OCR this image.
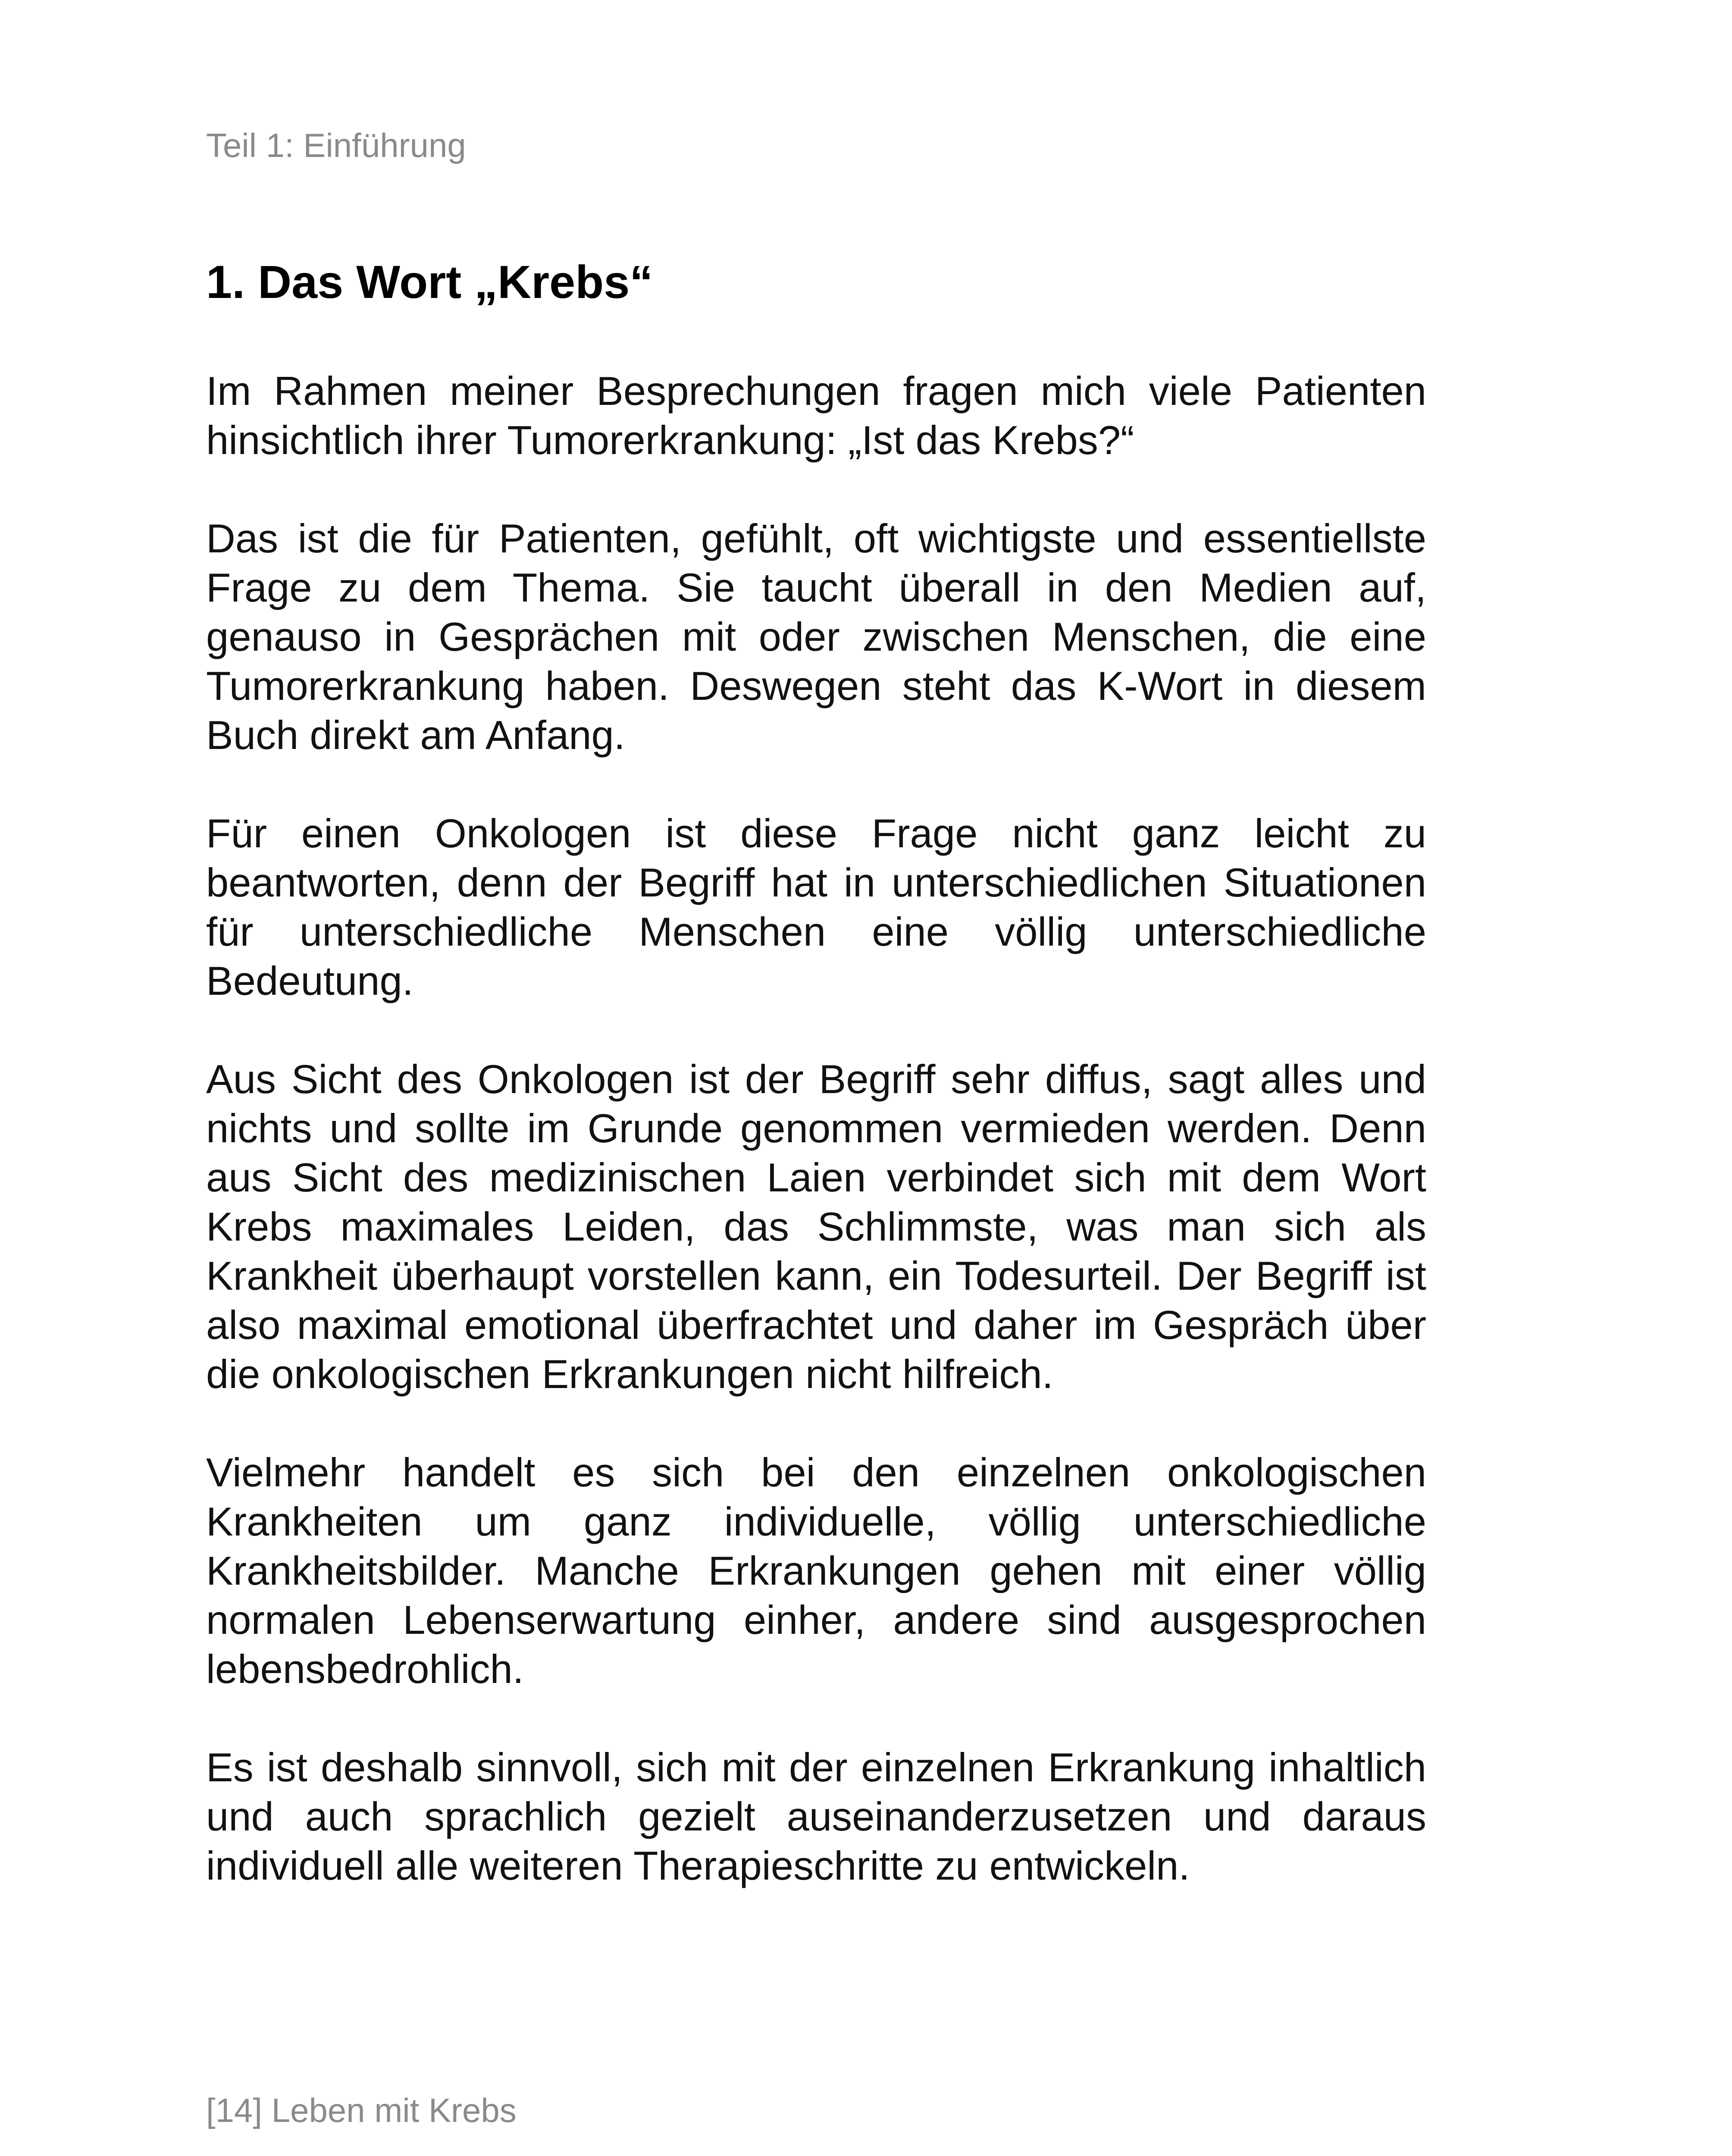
Teil 1: Einführung
1. Das Wort „Krebs“

Im Rahmen meiner Besprechungen fragen mich viele Patienten hinsichtlich ihrer Tumorerkrankung: „Ist das Krebs?“

Das ist die für Patienten, gefühlt, oft wichtigste und essentiellste Frage zu dem Thema. Sie taucht überall in den Medien auf, genauso in Gesprächen mit oder zwischen Menschen, die eine Tumorerkrankung haben. Deswegen steht das K-Wort in diesem Buch direkt am Anfang.

Für einen Onkologen ist diese Frage nicht ganz leicht zu beantworten, denn der Begriff hat in unterschiedlichen Situationen für unterschiedliche Menschen eine völlig unterschiedliche Bedeutung.

Aus Sicht des Onkologen ist der Begriff sehr diffus, sagt alles und nichts und sollte im Grunde genommen vermieden werden. Denn aus Sicht des medizinischen Laien verbindet sich mit dem Wort Krebs maximales Leiden, das Schlimmste, was man sich als Krankheit überhaupt vorstellen kann, ein Todesurteil. Der Begriff ist also maximal emotional überfrachtet und daher im Gespräch über die onkologischen Erkrankungen nicht hilfreich.

Vielmehr handelt es sich bei den einzelnen onkologischen Krankheiten um ganz individuelle, völlig unterschiedliche Krankheitsbilder. Manche Erkrankungen gehen mit einer völlig normalen Lebenserwartung einher, andere sind ausgesprochen lebensbedrohlich.

Es ist deshalb sinnvoll, sich mit der einzelnen Erkrankung inhaltlich und auch sprachlich gezielt auseinanderzusetzen und daraus individuell alle weiteren Therapieschritte zu entwickeln.

[14] Leben mit Krebs
